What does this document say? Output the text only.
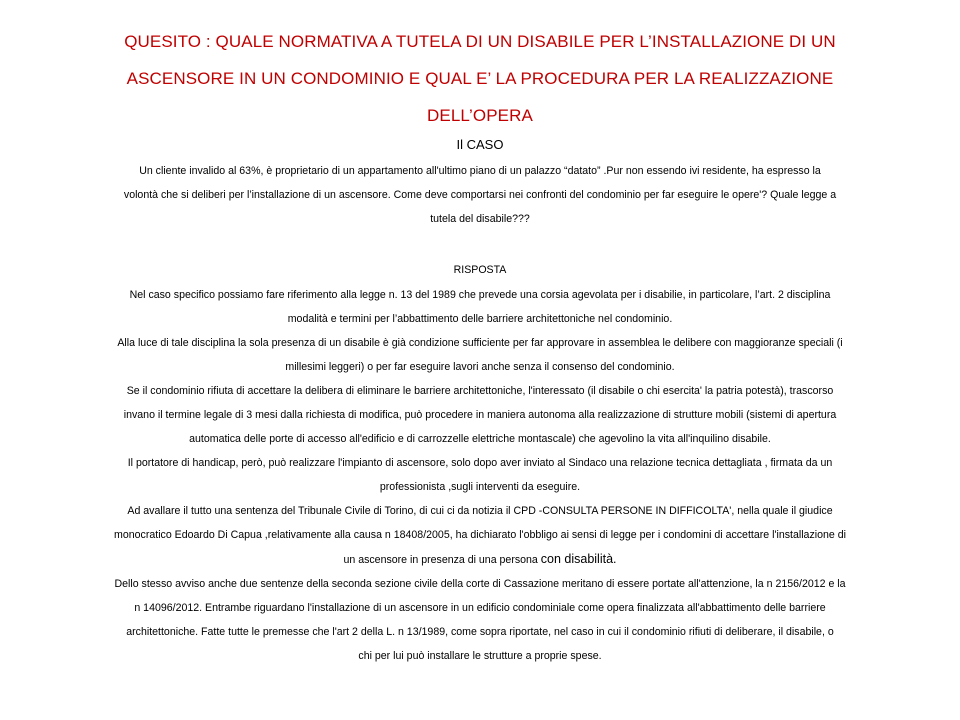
QUESITO : QUALE NORMATIVA A TUTELA DI UN DISABILE PER L’INSTALLAZIONE DI UN
ASCENSORE IN UN CONDOMINIO E QUAL E’ LA PROCEDURA PER LA REALIZZAZIONE
DELL’OPERA
Il CASO
Un cliente invalido al 63%, è proprietario di un appartamento all'ultimo piano di un palazzo “datato” .Pur non essendo ivi residente, ha espresso la
volontà che si deliberi per l’installazione di un ascensore. Come deve comportarsi nei confronti del condominio per far eseguire le opere'? Quale legge a
tutela del disabile???
RISPOSTA
Nel caso specifico possiamo fare riferimento alla legge n. 13 del 1989 che prevede una corsia agevolata per i disabilie, in particolare, l’art. 2 disciplina
modalità e termini per l’abbattimento delle barriere architettoniche nel condominio.
Alla luce di tale disciplina la sola presenza di un disabile è già condizione sufficiente per far approvare in assemblea le delibere con maggioranze speciali (i
millesimi leggeri) o per far eseguire lavori anche senza il consenso del condominio.
Se il condominio rifiuta di accettare la delibera di eliminare le barriere architettoniche, l'interessato (il disabile o chi esercita' la patria potestà), trascorso
invano il termine legale di 3 mesi dalla richiesta di modifica, può procedere in maniera autonoma alla realizzazione di strutture mobili (sistemi di apertura
automatica delle porte di accesso all'edificio e di carrozzelle elettriche montascale) che agevolino la vita all'inquilino disabile.
Il portatore di handicap, però, può realizzare l'impianto di ascensore, solo dopo aver inviato al Sindaco una relazione tecnica dettagliata , firmata da un
professionista ,sugli interventi da eseguire.
Ad avallare il tutto una sentenza del Tribunale Civile di Torino, di cui ci da notizia il CPD -CONSULTA PERSONE IN DIFFICOLTA', nella quale il giudice
monocratico Edoardo Di Capua ,relativamente alla causa n 18408/2005, ha dichiarato l'obbligo ai sensi di legge per i condomini di accettare l'installazione di
un ascensore in presenza di una persona con disabilità.
Dello stesso avviso anche due sentenze della seconda sezione civile della corte di Cassazione meritano di essere portate all'attenzione, la n 2156/2012 e la
n 14096/2012. Entrambe riguardano l'installazione di un ascensore in un edificio condominiale come opera finalizzata all'abbattimento delle barriere
architettoniche. Fatte tutte le premesse che l'art 2 della L. n 13/1989, come sopra riportate, nel caso in cui il condominio rifiuti di deliberare, il disabile, o
chi per lui può installare le strutture a proprie spese.
